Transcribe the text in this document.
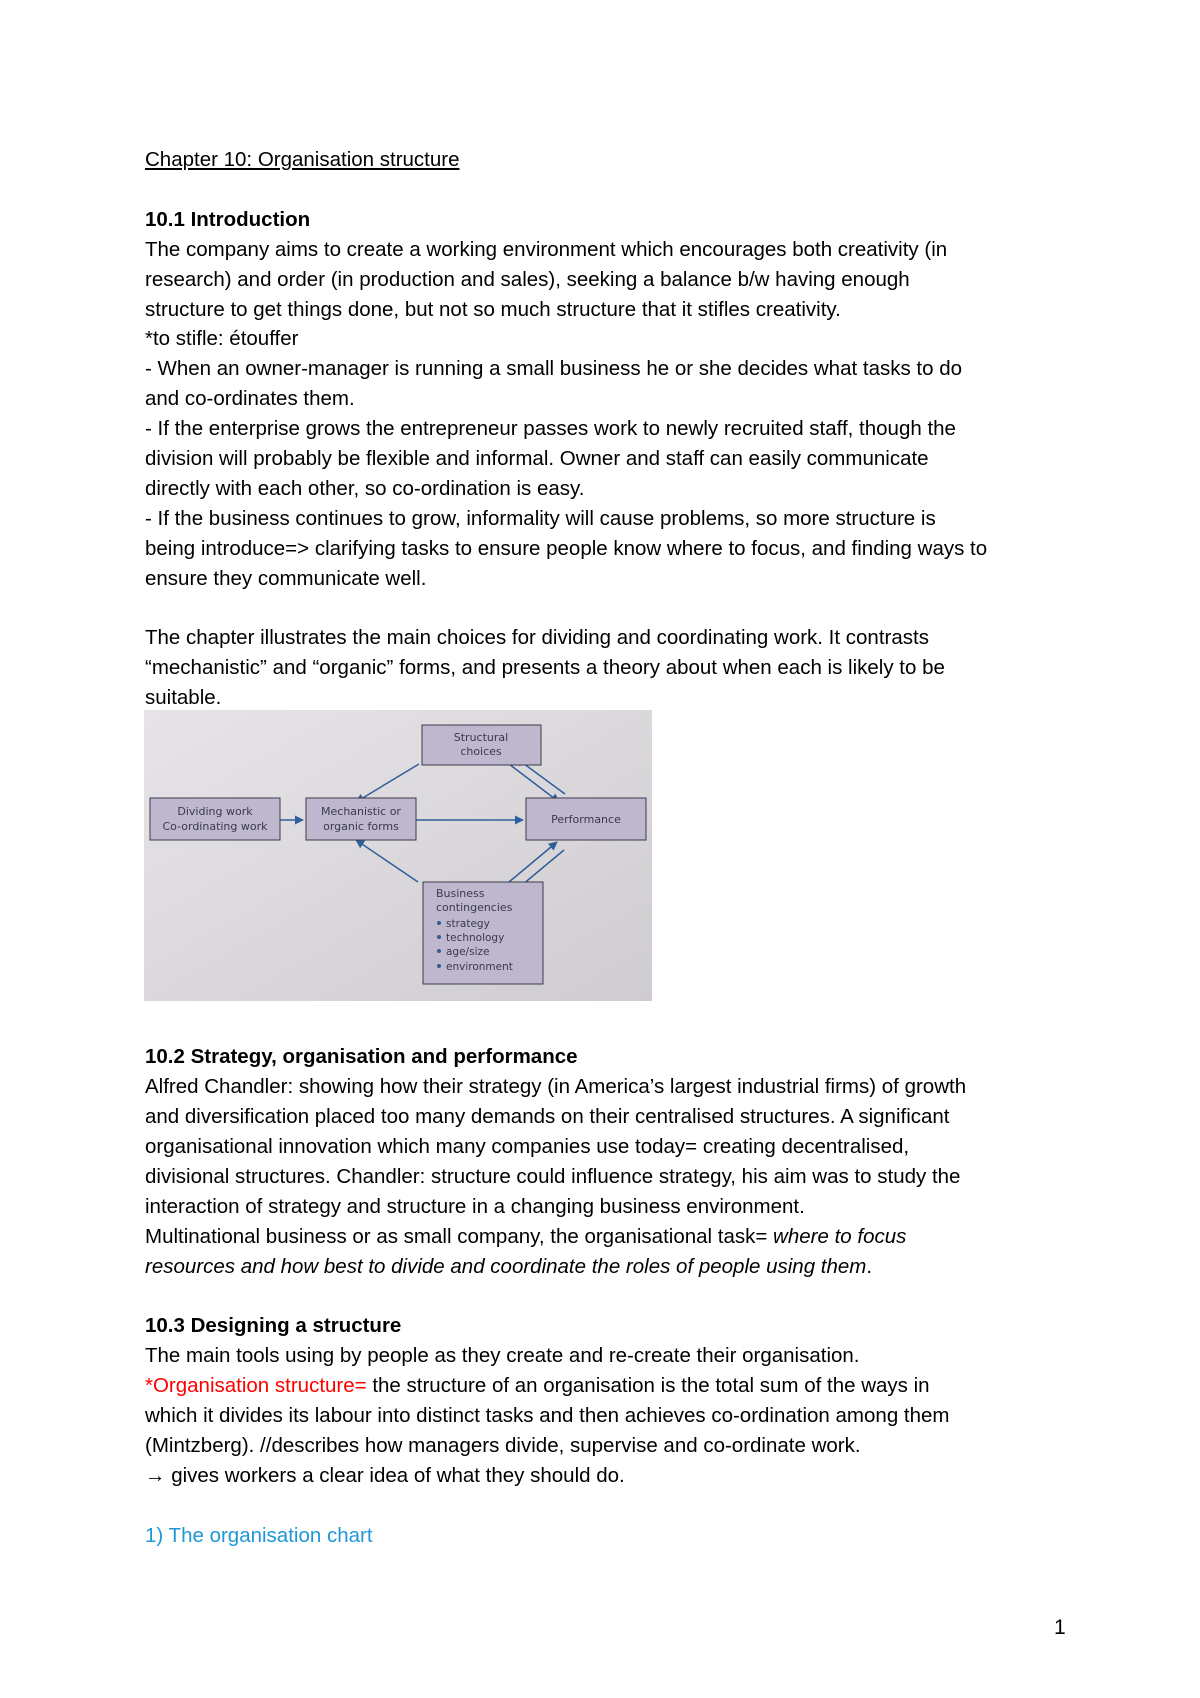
Chapter 10: Organisation structure

10.1 Introduction

The company aims to create a working environment which encourages both creativity (in

research) and order (in production and sales), seeking a balance b/w having enough

structure to get things done, but not so much structure that it stifles creativity.

*to stifle: étouffer

- When an owner-manager is running a small business he or she decides what tasks to do

and co-ordinates them.

- If the enterprise grows the entrepreneur passes work to newly recruited staff, though the

division will probably be flexible and informal. Owner and staff can easily communicate

directly with each other, so co-ordination is easy.

- If the business continues to grow, informality will cause problems, so more structure is

being introduce=> clarifying tasks to ensure people know where to focus, and finding ways to

ensure they communicate well.

The chapter illustrates the main choices for dividing and coordinating work. It contrasts

“mechanistic” and “organic” forms, and presents a theory about when each is likely to be

suitable.

10.2 Strategy, organisation and performance

Alfred Chandler: showing how their strategy (in America’s largest industrial firms) of growth

and diversification placed too many demands on their centralised structures. A significant

organisational innovation which many companies use today= creating decentralised,

divisional structures. Chandler: structure could influence strategy, his aim was to study the

interaction of strategy and structure in a changing business environment.

Multinational business or as small company, the organisational task= where to focus

resources and how best to divide and coordinate the roles of people using them.

10.3 Designing a structure

The main tools using by people as they create and re-create their organisation.

*Organisation structure= the structure of an organisation is the total sum of the ways in

which it divides its labour into distinct tasks and then achieves co-ordination among them

(Mintzberg). //describes how managers divide, supervise and co-ordinate work.

→ gives workers a clear idea of what they should do.

1) The organisation chart

Structural
choices
Dividing work
Co-ordinating work
Mechanistic or
organic forms
Performance
Business
contingencies
strategy
technology
age/size
environment
1
